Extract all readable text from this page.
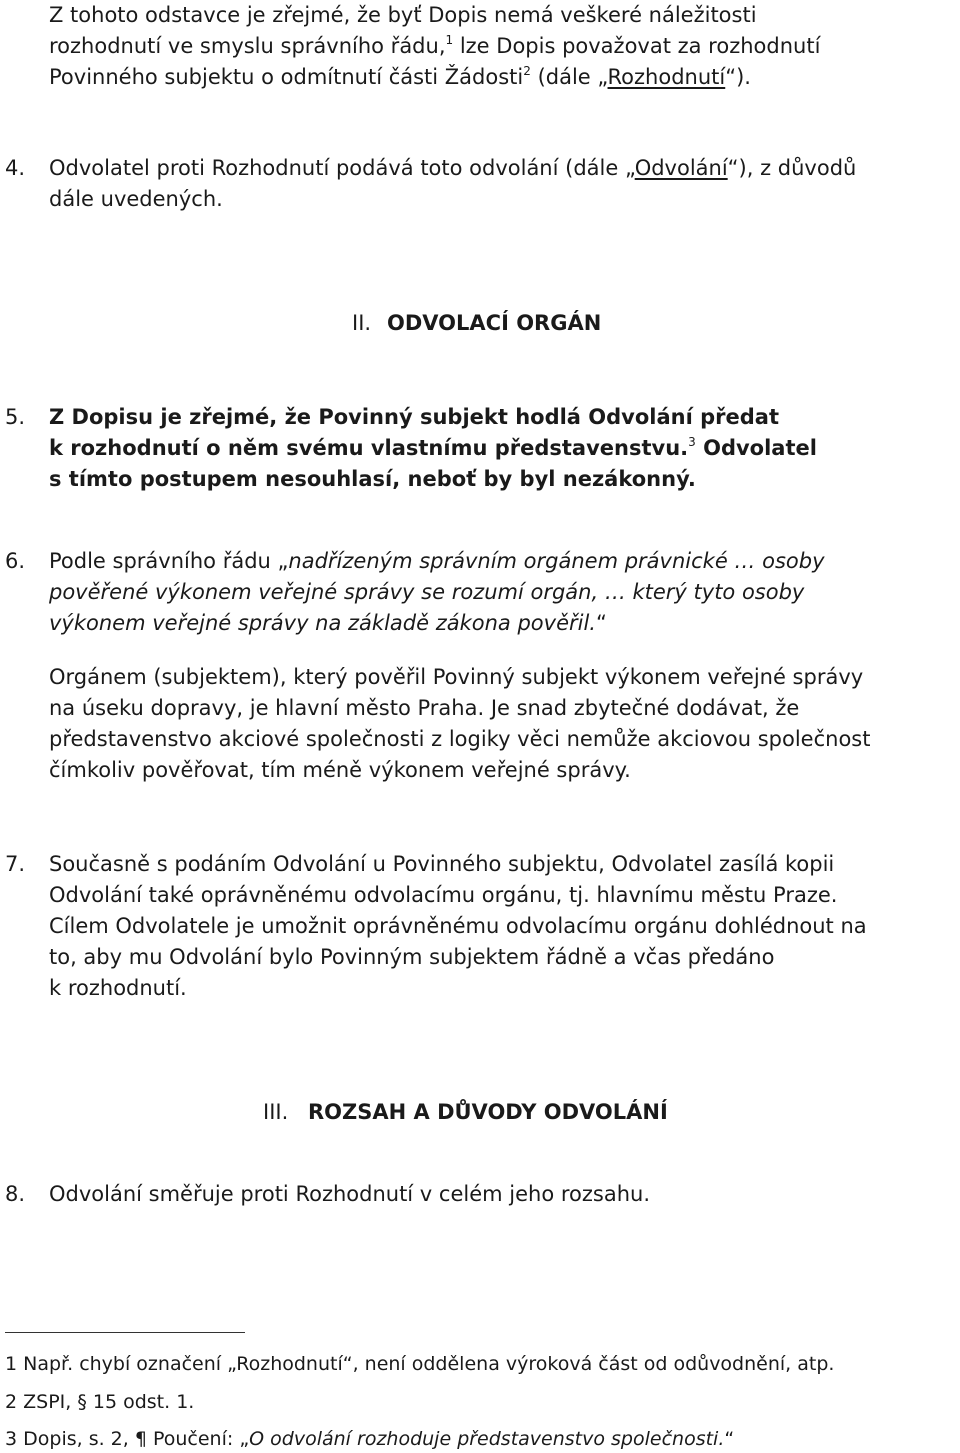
Z tohoto odstavce je zřejmé, že byť Dopis nemá veškeré náležitosti
rozhodnutí ve smyslu správního řádu,$^1$ lze Dopis považovat za rozhodnutí
Povinného subjektu o odmítnutí části Žádosti$^2$ (dále „Rozhodnutí“).
4. Odvolatel proti Rozhodnutí podává toto odvolání (dále „Odvolání“), z důvodů
dále uvedených.
II. ODVOLACÍ ORGÁN
5. Z Dopisu je zřejmé, že Povinný subjekt hodlá Odvolání předat
k rozhodnutí o něm svému vlastnímu představenstvu.$^3$ Odvolatel
s tímto postupem nesouhlasí, neboť by byl nezákonný.
6. Podle správního řádu „nadřízeným správním orgánem právnické … osoby
pověřené výkonem veřejné správy se rozumí orgán, … který tyto osoby
výkonem veřejné správy na základě zákona pověřil.“
Orgánem (subjektem), který pověřil Povinný subjekt výkonem veřejné správy
na úseku dopravy, je hlavní město Praha. Je snad zbytečné dodávat, že
představenstvo akciové společnosti z logiky věci nemůže akciovou společnost
čímkoliv pověřovat, tím méně výkonem veřejné správy.
7. Současně s podáním Odvolání u Povinného subjektu, Odvolatel zasílá kopii
Odvolání také oprávněnému odvolacímu orgánu, tj. hlavnímu městu Praze.
Cílem Odvolatele je umožnit oprávněnému odvolacímu orgánu dohlédnout na
to, aby mu Odvolání bylo Povinným subjektem řádně a včas předáno
k rozhodnutí.
III. ROZSAH A DŮVODY ODVOLÁNÍ
8. Odvolání směřuje proti Rozhodnutí v celém jeho rozsahu.
1 Např. chybí označení „Rozhodnutí“, není oddělena výroková část od odůvodnění, atp.
2 ZSPI, § 15 odst. 1.
3 Dopis, s. 2, ¶ Poučení: „O odvolání rozhoduje představenstvo společnosti.“
